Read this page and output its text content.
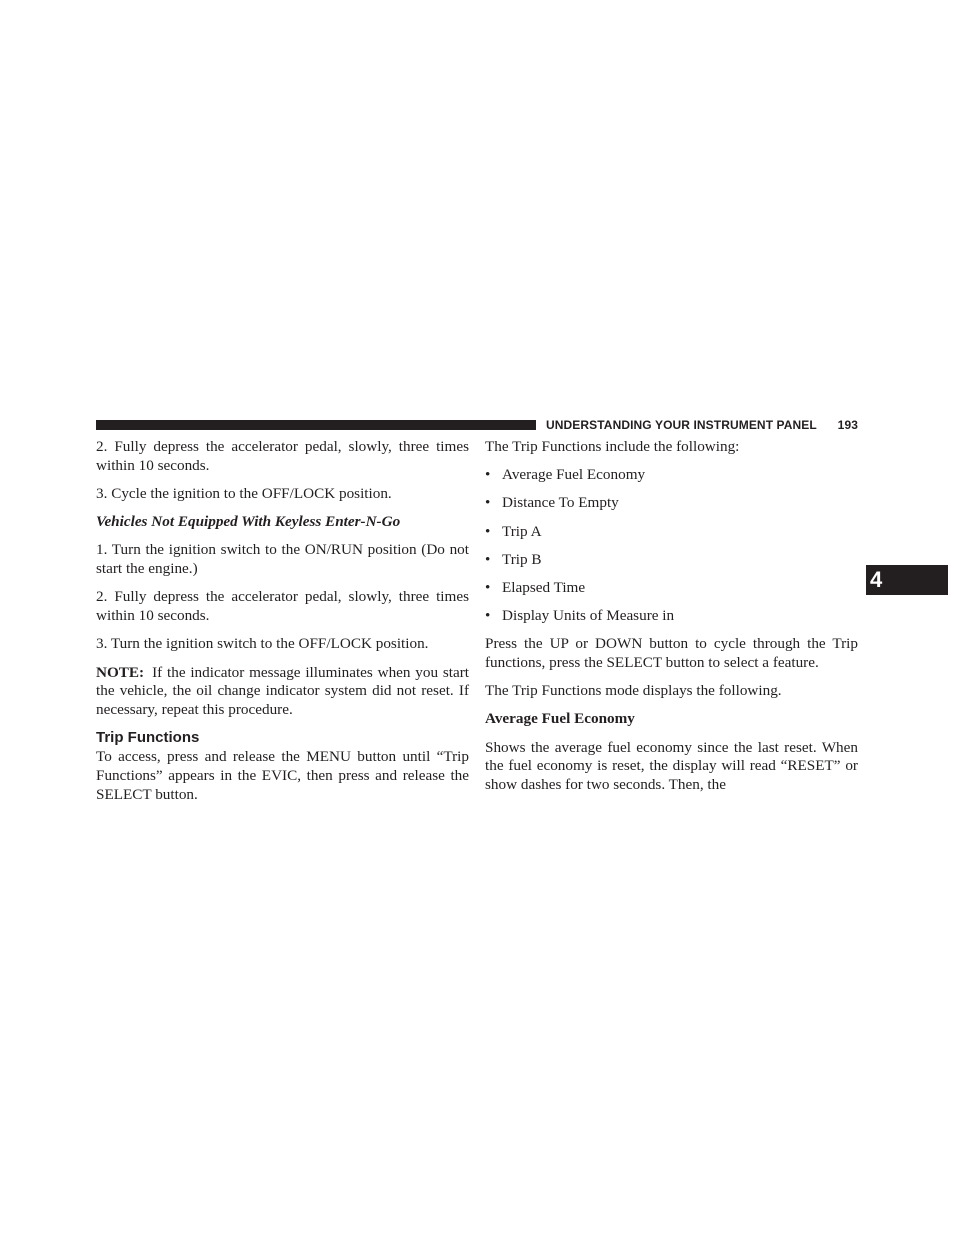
UNDERSTANDING YOUR INSTRUMENT PANEL 193
4

2. Fully depress the accelerator pedal, slowly, three times within 10 seconds.

3. Cycle the ignition to the OFF/LOCK position.

Vehicles Not Equipped With Keyless Enter-N-Go

1. Turn the ignition switch to the ON/RUN position (Do not start the engine.)

2. Fully depress the accelerator pedal, slowly, three times within 10 seconds.

3. Turn the ignition switch to the OFF/LOCK position.

NOTE: If the indicator message illuminates when you start the vehicle, the oil change indicator system did not reset. If necessary, repeat this procedure.

Trip Functions

To access, press and release the MENU button until “Trip Functions” appears in the EVIC, then press and release the SELECT button.

The Trip Functions include the following:

• Average Fuel Economy
• Distance To Empty
• Trip A
• Trip B
• Elapsed Time
• Display Units of Measure in

Press the UP or DOWN button to cycle through the Trip functions, press the SELECT button to select a feature.

The Trip Functions mode displays the following.

Average Fuel Economy

Shows the average fuel economy since the last reset. When the fuel economy is reset, the display will read “RESET” or show dashes for two seconds. Then, the
